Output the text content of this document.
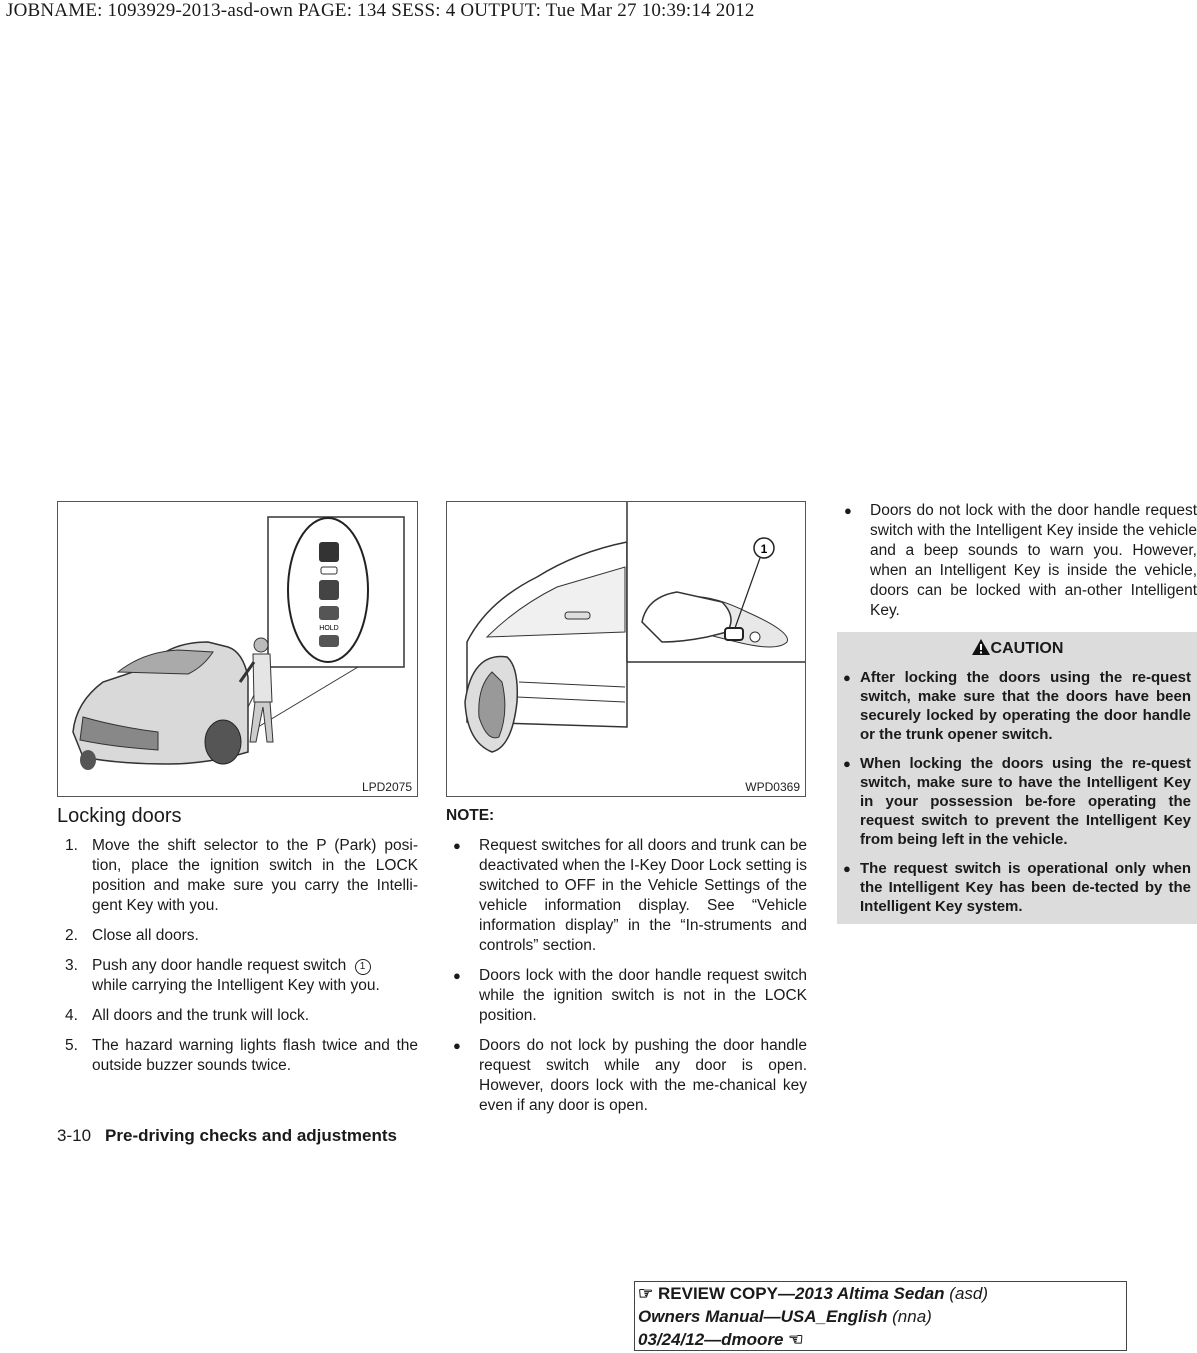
JOBNAME: 1093929-2013-asd-own PAGE: 134 SESS: 4 OUTPUT: Tue Mar 27 10:39:14 2012
HOLD
LPD2075
1
WPD0369
Locking doors
1. Move the shift selector to the P (Park) posi-tion, place the ignition switch in the LOCK position and make sure you carry the Intelli-gent Key with you.
2. Close all doors.
3. Push any door handle request switch 1
while carrying the Intelligent Key with you.
4. All doors and the trunk will lock.
5. The hazard warning lights flash twice and the outside buzzer sounds twice.
NOTE:
● Request switches for all doors and trunk can be deactivated when the I-Key Door Lock setting is switched to OFF in the Vehicle Settings of the vehicle information display. See “Vehicle information display” in the “In-struments and controls” section.
● Doors lock with the door handle request switch while the ignition switch is not in the LOCK position.
● Doors do not lock by pushing the door handle request switch while any door is open. However, doors lock with the me-chanical key even if any door is open.
● Doors do not lock with the door handle request switch with the Intelligent Key inside the vehicle and a beep sounds to warn you. However, when an Intelligent Key is inside the vehicle, doors can be locked with an-other Intelligent Key.
CAUTION
● After locking the doors using the re-quest switch, make sure that the doors have been securely locked by operating the door handle or the trunk opener switch.
● When locking the doors using the re-quest switch, make sure to have the Intelligent Key in your possession be-fore operating the request switch to prevent the Intelligent Key from being left in the vehicle.
● The request switch is operational only when the Intelligent Key has been de-tected by the Intelligent Key system.
3-10 Pre-driving checks and adjustments
☞ REVIEW COPY—2013 Altima Sedan (asd)
Owners Manual—USA_English (nna)
03/24/12—dmoore ☜
